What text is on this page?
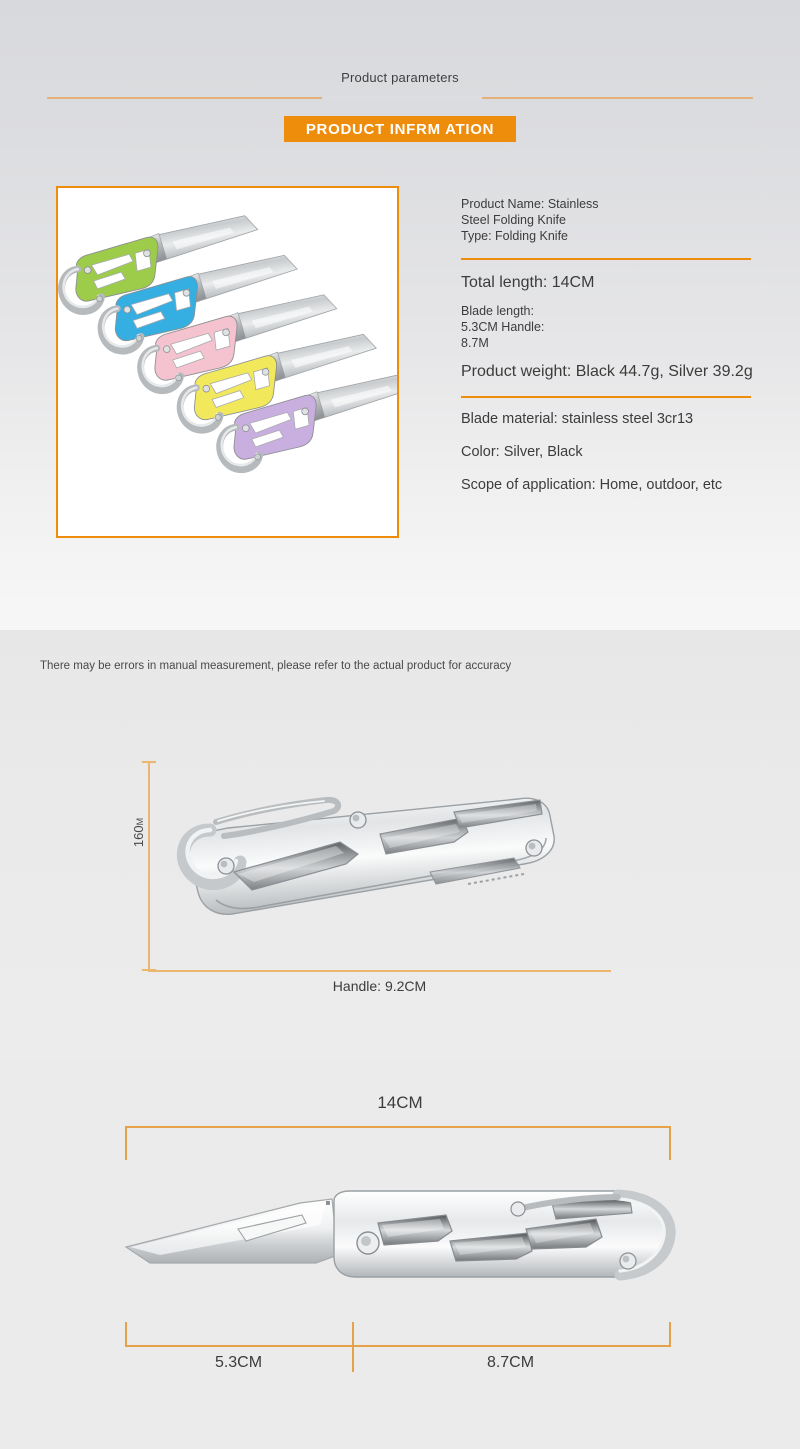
Product parameters
PRODUCT INFRM ATION
Product Name: Stainless
Steel Folding Knife
Type: Folding Knife
Total length: 14CM
Blade length:
5.3CM Handle:
8.7M
Product weight: Black 44.7g, Silver 39.2g
Blade material: stainless steel 3cr13
Color: Silver, Black
Scope of application: Home, outdoor, etc
There may be errors in manual measurement, please refer to the actual product for accuracy
160M
Handle: 9.2CM
14CM
5.3CM	8.7CM
